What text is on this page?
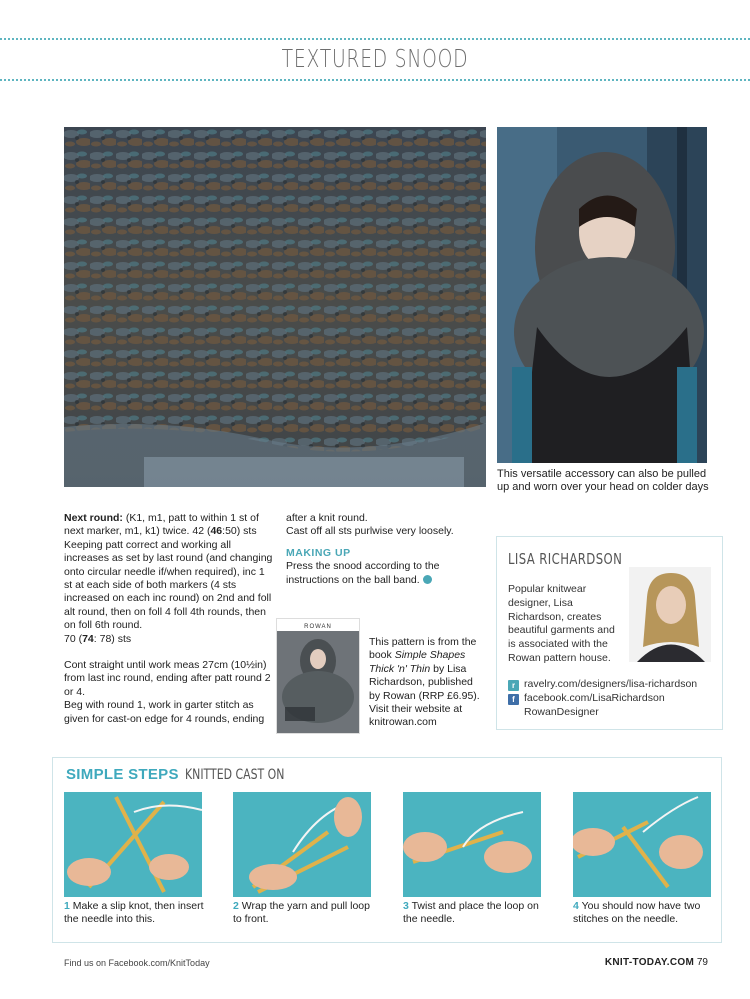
TEXTURED SNOOD
This versatile accessory can also be pulled up and worn over your head on colder days

Next round: (K1, m1, patt to within 1 st of next marker, m1, k1) twice. 42 (46:50) sts

Keeping patt correct and working all increases as set by last round (and changing onto circular needle if/when required), inc 1 st at each side of both markers (4 sts increased on each inc round) on 2nd and foll alt round, then on foll 4 foll 4th rounds, then on foll 6th round.

70 (74: 78) sts

Cont straight until work meas 27cm (10½in) from last inc round, ending after patt round 2 or 4.

Beg with round 1, work in garter stitch as given for cast-on edge for 4 rounds, ending

after a knit round.

Cast off all sts purlwise very loosely.

MAKING UP

Press the snood according to the instructions on the ball band.

ROWAN

This pattern is from the book Simple Shapes Thick 'n' Thin by Lisa Richardson, published by Rowan (RRP £6.95). Visit their website at knitrowan.com

LISA RICHARDSON
Popular knitwear designer, Lisa Richardson, creates beautiful garments and is associated with the Rowan pattern house.
r ravelry.com/designers/lisa-richardson
f facebook.com/LisaRichardson
RowanDesigner
SIMPLE STEPS KNITTED CAST ON
1 Make a slip knot, then insert the needle into this.
2 Wrap the yarn and pull loop to front.
3 Twist and place the loop on the needle.
4 You should now have two stitches on the needle.
Find us on Facebook.com/KnitToday	KNIT-TODAY.COM 79
